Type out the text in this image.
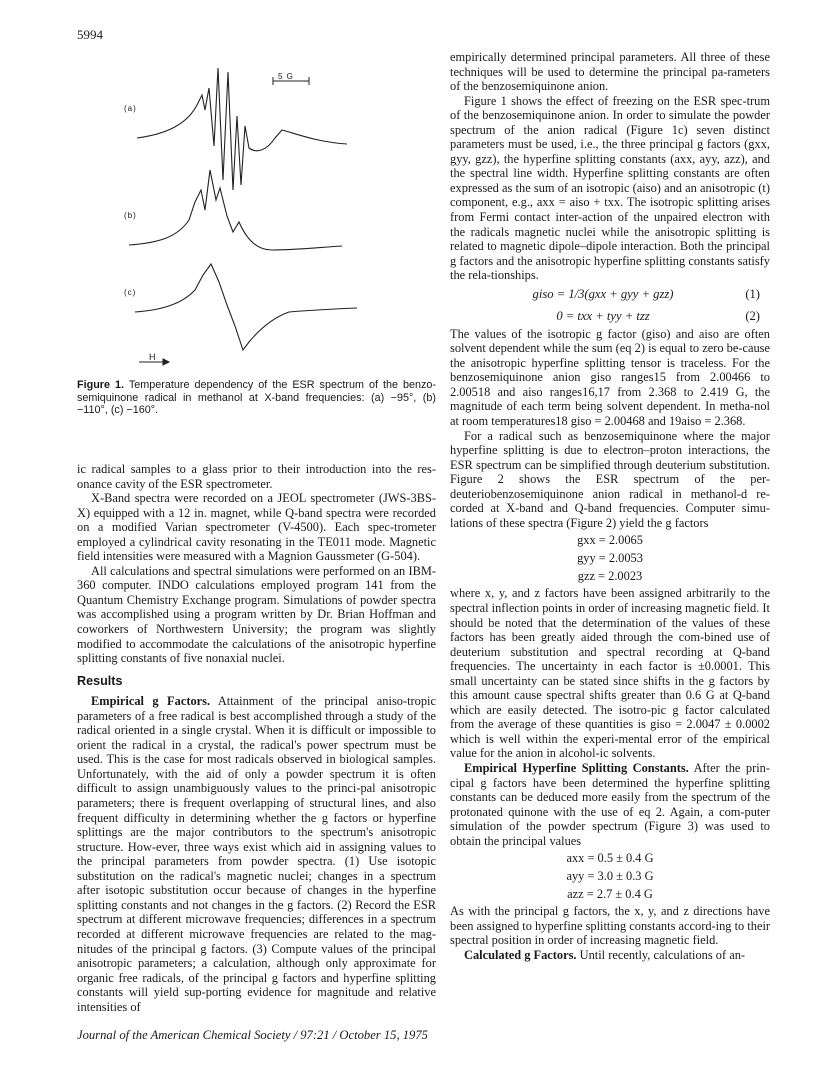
5994
5 G
(a)
(b)
(c)
H
Figure 1. Temperature dependency of the ESR spectrum of the benzo-semiquinone radical in methanol at X-band frequencies: (a) −95°, (b) −110°, (c) −160°.

ic radical samples to a glass prior to their introduction into the res-onance cavity of the ESR spectrometer.

X-Band spectra were recorded on a JEOL spectrometer (JWS-3BS-X) equipped with a 12 in. magnet, while Q-band spectra were recorded on a modified Varian spectrometer (V-4500). Each spec-trometer employed a cylindrical cavity resonating in the TE011 mode. Magnetic field intensities were measured with a Magnion Gaussmeter (G-504).

All calculations and spectral simulations were performed on an IBM-360 computer. INDO calculations employed program 141 from the Quantum Chemistry Exchange program. Simulations of powder spectra was accomplished using a program written by Dr. Brian Hoffman and coworkers of Northwestern University; the program was slightly modified to accommodate the calculations of the anisotropic hyperfine splitting constants of five nonaxial nuclei.

Results

Empirical g Factors. Attainment of the principal aniso-tropic parameters of a free radical is best accomplished through a study of the radical oriented in a single crystal. When it is difficult or impossible to orient the radical in a crystal, the radical's power spectrum must be used. This is the case for most radicals observed in biological samples. Unfortunately, with the aid of only a powder spectrum it is often difficult to assign unambiguously values to the princi-pal anisotropic parameters; there is frequent overlapping of structural lines, and also frequent difficulty in determining whether the g factors or hyperfine splittings are the major contributors to the spectrum's anisotropic structure. How-ever, three ways exist which aid in assigning values to the principal parameters from powder spectra. (1) Use isotopic substitution on the radical's magnetic nuclei; changes in a spectrum after isotopic substitution occur because of changes in the hyperfine splitting constants and not changes in the g factors. (2) Record the ESR spectrum at different microwave frequencies; differences in a spectrum recorded at different microwave frequencies are related to the mag-nitudes of the principal g factors. (3) Compute values of the principal anisotropic parameters; a calculation, although only approximate for organic free radicals, of the principal g factors and hyperfine splitting constants will yield sup-porting evidence for magnitude and relative intensities of

empirically determined principal parameters. All three of these techniques will be used to determine the principal pa-rameters of the benzosemiquinone anion.

Figure 1 shows the effect of freezing on the ESR spec-trum of the benzosemiquinone anion. In order to simulate the powder spectrum of the anion radical (Figure 1c) seven distinct parameters must be used, i.e., the three principal g factors (gxx, gyy, gzz), the hyperfine splitting constants (axx, ayy, azz), and the spectral line width. Hyperfine splitting constants are often expressed as the sum of an isotropic (aiso) and an anisotropic (t) component, e.g., axx = aiso + txx. The isotropic splitting arises from Fermi contact inter-action of the unpaired electron with the radicals magnetic nuclei while the anisotropic splitting is related to magnetic dipole–dipole interaction. Both the principal g factors and the anisotropic hyperfine splitting constants satisfy the rela-tionships.

giso = 1/3(gxx + gyy + gzz)	(1)
0 = txx + tyy + tzz	(2)

The values of the isotropic g factor (giso) and aiso are often solvent dependent while the sum (eq 2) is equal to zero be-cause the anisotropic hyperfine splitting tensor is traceless. For the benzosemiquinone anion giso ranges15 from 2.00466 to 2.00518 and aiso ranges16,17 from 2.368 to 2.419 G, the magnitude of each term being solvent dependent. In metha-nol at room temperatures18 giso = 2.00468 and 19aiso = 2.368.

For a radical such as benzosemiquinone where the major hyperfine splitting is due to electron–proton interactions, the ESR spectrum can be simplified through deuterium substitution. Figure 2 shows the ESR spectrum of the per-deuteriobenzosemiquinone anion radical in methanol-d re-corded at X-band and Q-band frequencies. Computer simu-lations of these spectra (Figure 2) yield the g factors

gxx = 2.0065
gyy = 2.0053
gzz = 2.0023

where x, y, and z factors have been assigned arbitrarily to the spectral inflection points in order of increasing magnetic field. It should be noted that the determination of the values of these factors has been greatly aided through the com-bined use of deuterium substitution and spectral recording at Q-band frequencies. The uncertainty in each factor is ±0.0001. This small uncertainty can be stated since shifts in the g factors by this amount cause spectral shifts greater than 0.6 G at Q-band which are easily detected. The isotro-pic g factor calculated from the average of these quantities is giso = 2.0047 ± 0.0002 which is well within the experi-mental error of the empirical value for the anion in alcohol-ic solvents.

Empirical Hyperfine Splitting Constants. After the prin-cipal g factors have been determined the hyperfine splitting constants can be deduced more easily from the spectrum of the protonated quinone with the use of eq 2. Again, a com-puter simulation of the powder spectrum (Figure 3) was used to obtain the principal values

axx = 0.5 ± 0.4 G
ayy = 3.0 ± 0.3 G
azz = 2.7 ± 0.4 G

As with the principal g factors, the x, y, and z directions have been assigned to hyperfine splitting constants accord-ing to their spectral position in order of increasing magnetic field.

Calculated g Factors. Until recently, calculations of an-

Journal of the American Chemical Society / 97:21 / October 15, 1975
